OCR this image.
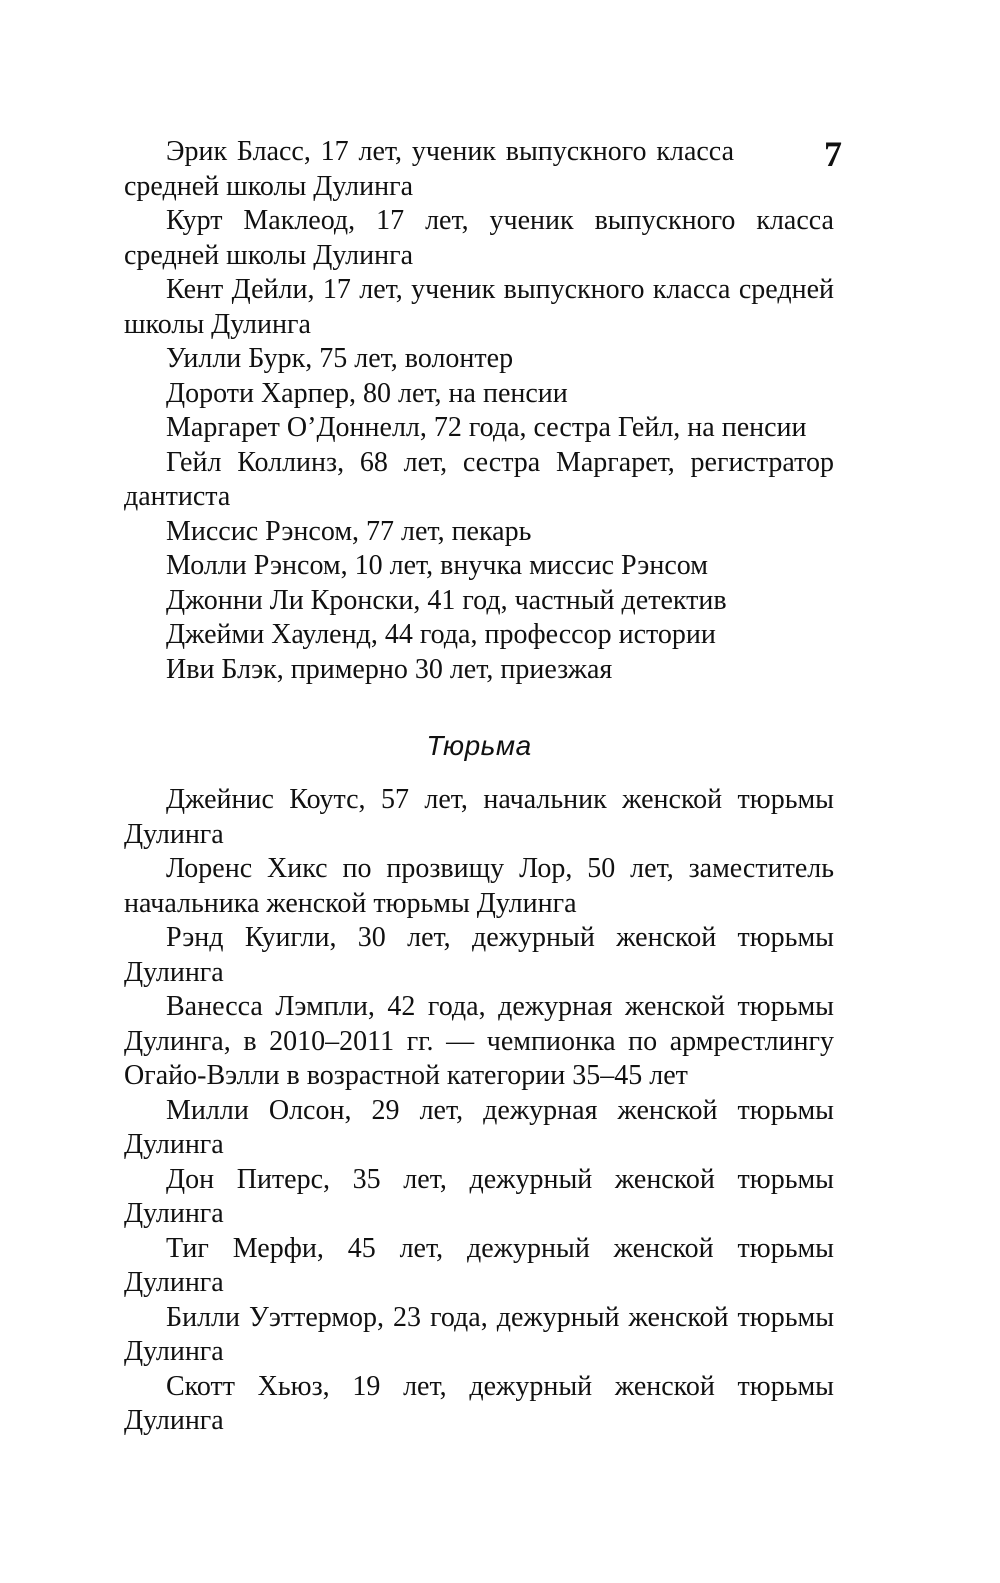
7

Эрик Бласс, 17 лет, ученик выпускного класса средней школы Дулинга

Курт Маклеод, 17 лет, ученик выпускного класса средней школы Дулинга

Кент Дейли, 17 лет, ученик выпускного класса средней школы Дулинга

Уилли Бурк, 75 лет, волонтер

Дороти Харпер, 80 лет, на пенсии

Маргарет О’Доннелл, 72 года, сестра Гейл, на пенсии

Гейл Коллинз, 68 лет, сестра Маргарет, регистратор дантиста

Миссис Рэнсом, 77 лет, пекарь

Молли Рэнсом, 10 лет, внучка миссис Рэнсом

Джонни Ли Кронски, 41 год, частный детектив

Джейми Хауленд, 44 года, профессор истории

Иви Блэк, примерно 30 лет, приезжая

Тюрьма

Джейнис Коутс, 57 лет, начальник женской тюрьмы Дулинга

Лоренс Хикс по прозвищу Лор, 50 лет, заместитель начальника женской тюрьмы Дулинга

Рэнд Куигли, 30 лет, дежурный женской тюрьмы Дулинга

Ванесса Лэмпли, 42 года, дежурная женской тюрьмы Дулинга, в 2010–2011 гг. — чемпионка по армрестлингу Огайо-Вэлли в возрастной категории 35–45 лет

Милли Олсон, 29 лет, дежурная женской тюрьмы Дулинга

Дон Питерс, 35 лет, дежурный женской тюрьмы Дулинга

Тиг Мерфи, 45 лет, дежурный женской тюрьмы Дулинга

Билли Уэттермор, 23 года, дежурный женской тюрьмы Дулинга

Скотт Хьюз, 19 лет, дежурный женской тюрьмы Дулинга
